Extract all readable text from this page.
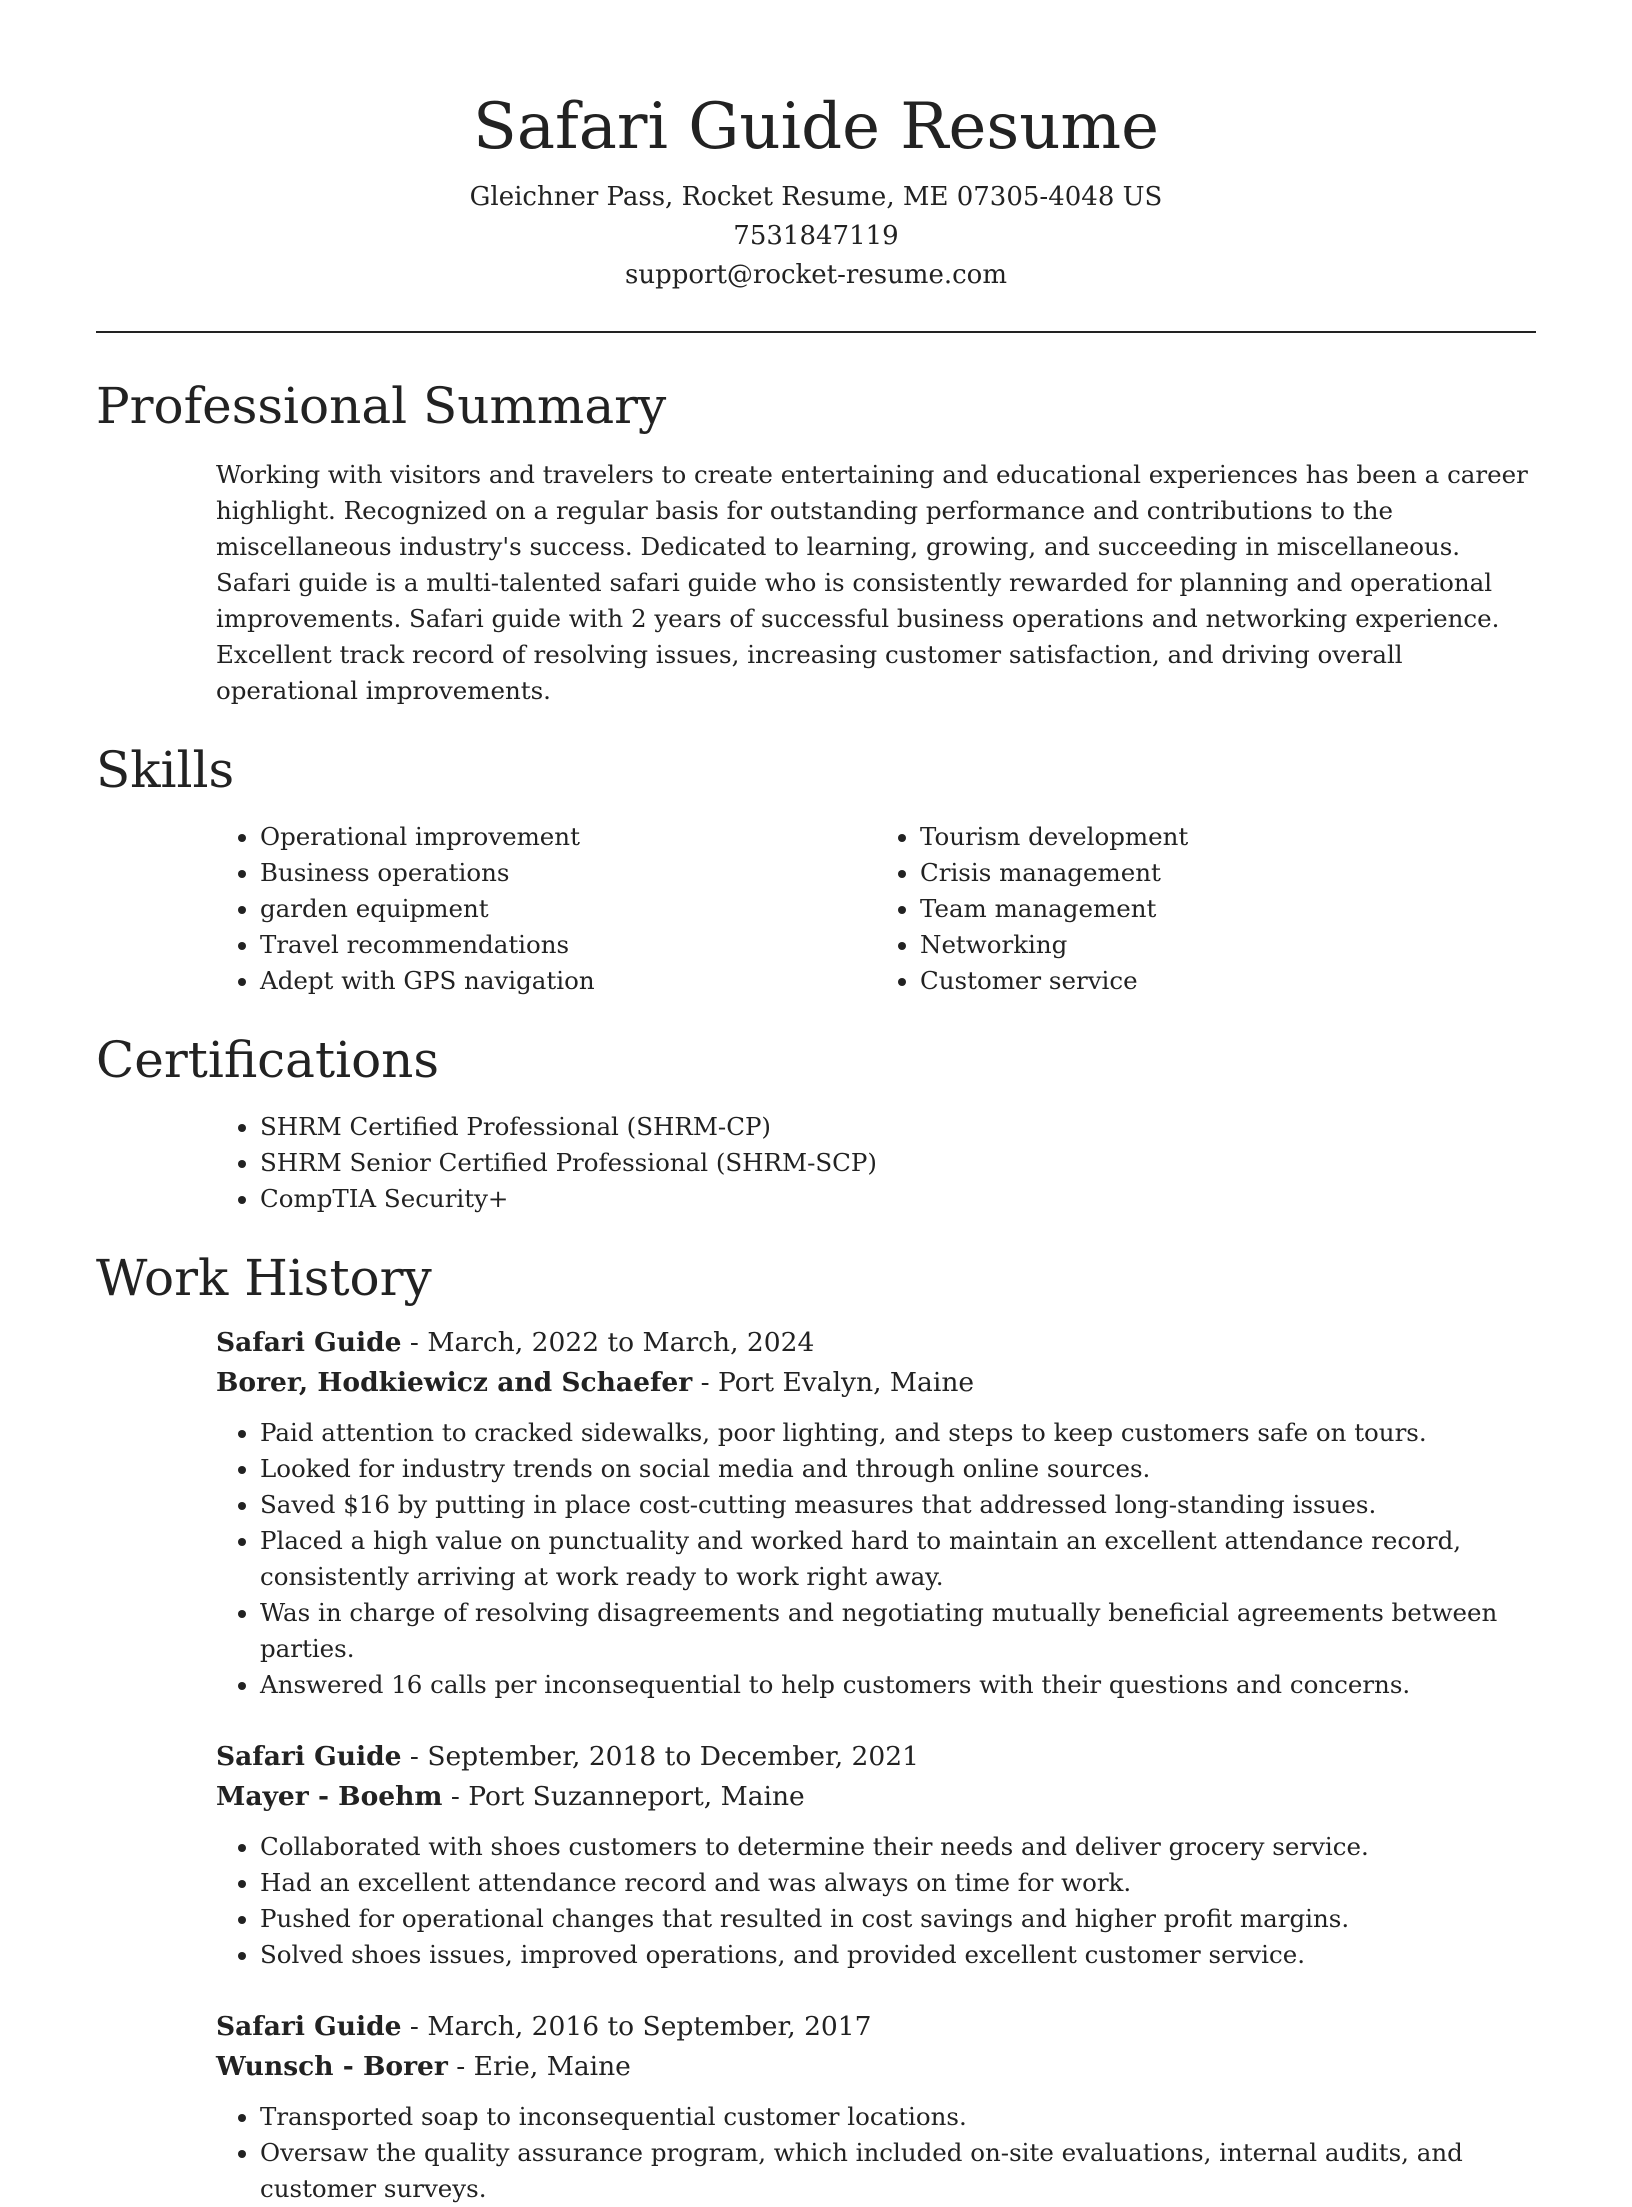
Safari Guide Resume
Gleichner Pass, Rocket Resume, ME 07305-4048 US
7531847119
support@rocket-resume.com
Professional Summary

Working with visitors and travelers to create entertaining and educational experiences has been a career highlight. Recognized on a regular basis for outstanding performance and contributions to the miscellaneous industry's success. Dedicated to learning, growing, and succeeding in miscellaneous. Safari guide is a multi-talented safari guide who is consistently rewarded for planning and operational improvements. Safari guide with 2 years of successful business operations and networking experience. Excellent track record of resolving issues, increasing customer satisfaction, and driving overall operational improvements.

Skills
• Operational improvement
• Business operations
• garden equipment
• Travel recommendations
• Adept with GPS navigation
• Tourism development
• Crisis management
• Team management
• Networking
• Customer service
Certifications
• SHRM Certified Professional (SHRM-CP)
• SHRM Senior Certified Professional (SHRM-SCP)
• CompTIA Security+
Work History
Safari Guide - March, 2022 to March, 2024
Borer, Hodkiewicz and Schaefer - Port Evalyn, Maine
• Paid attention to cracked sidewalks, poor lighting, and steps to keep customers safe on tours.
• Looked for industry trends on social media and through online sources.
• Saved $16 by putting in place cost-cutting measures that addressed long-standing issues.
• Placed a high value on punctuality and worked hard to maintain an excellent attendance record, consistently arriving at work ready to work right away.
• Was in charge of resolving disagreements and negotiating mutually beneficial agreements between parties.
• Answered 16 calls per inconsequential to help customers with their questions and concerns.
Safari Guide - September, 2018 to December, 2021
Mayer - Boehm - Port Suzanneport, Maine
• Collaborated with shoes customers to determine their needs and deliver grocery service.
• Had an excellent attendance record and was always on time for work.
• Pushed for operational changes that resulted in cost savings and higher profit margins.
• Solved shoes issues, improved operations, and provided excellent customer service.
Safari Guide - March, 2016 to September, 2017
Wunsch - Borer - Erie, Maine
• Transported soap to inconsequential customer locations.
• Oversaw the quality assurance program, which included on-site evaluations, internal audits, and customer surveys.
